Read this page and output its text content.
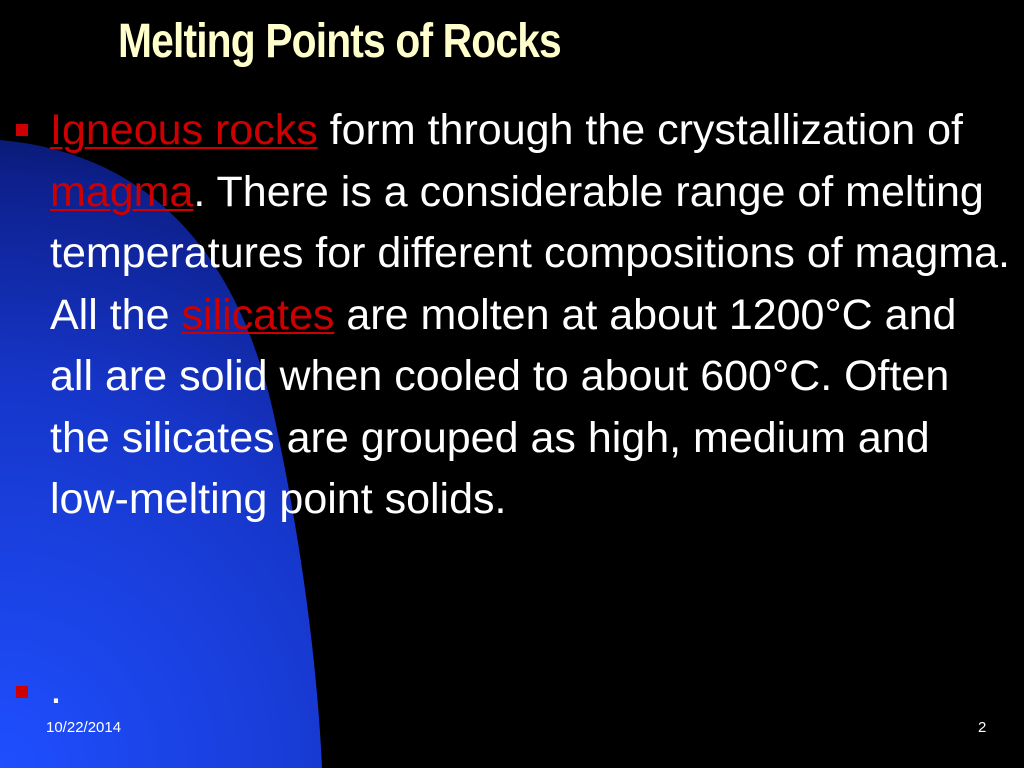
Melting Points of Rocks

Igneous rocks form through the crystallization of magma. There is a considerable range of melting temperatures for different compositions of magma. All the silicates are molten at about 1200°C and all are solid when cooled to about 600°C. Often the silicates are grouped as high, medium and low-melting point solids.

.

10/22/2014	2
